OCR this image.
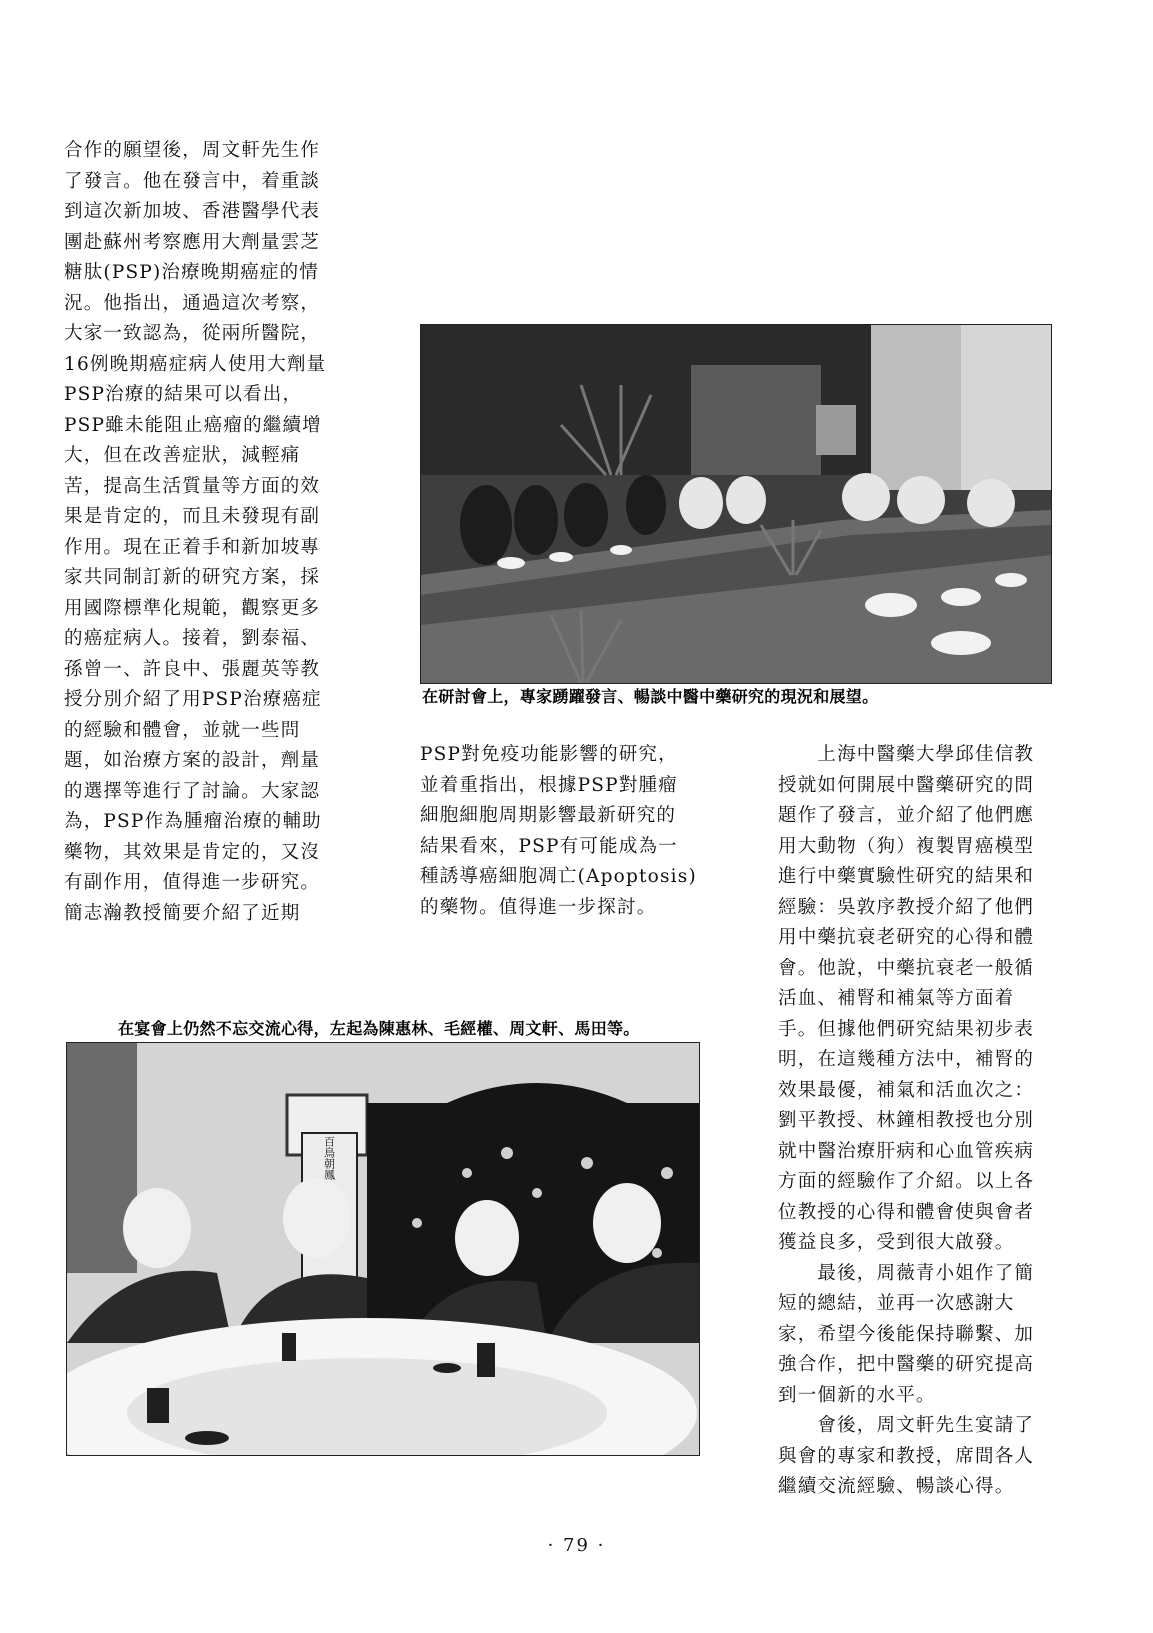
合作的願望後，周文軒先生作
了發言。他在發言中，着重談
到這次新加坡、香港醫學代表
團赴蘇州考察應用大劑量雲芝
糖肽(PSP)治療晚期癌症的情
況。他指出，通過這次考察，
大家一致認為，從兩所醫院，
16例晚期癌症病人使用大劑量
PSP治療的結果可以看出，
PSP雖未能阻止癌瘤的繼續增
大，但在改善症狀，減輕痛
苦，提高生活質量等方面的效
果是肯定的，而且未發現有副
作用。現在正着手和新加坡專
家共同制訂新的研究方案，採
用國際標準化規範，觀察更多
的癌症病人。接着，劉泰福、
孫曾一、許良中、張麗英等教
授分別介紹了用PSP治療癌症
的經驗和體會，並就一些問
題，如治療方案的設計，劑量
的選擇等進行了討論。大家認
為，PSP作為腫瘤治療的輔助
藥物，其效果是肯定的，又沒
有副作用，值得進一步研究。
簡志瀚教授簡要介紹了近期
在研討會上，專家踴躍發言、暢談中醫中藥研究的現況和展望。
PSP對免疫功能影響的研究，
並着重指出，根據PSP對腫瘤
細胞細胞周期影響最新研究的
結果看來，PSP有可能成為一
種誘導癌細胞凋亡(Apoptosis)
的藥物。值得進一步探討。
　　上海中醫藥大學邱佳信教
授就如何開展中醫藥研究的問
題作了發言，並介紹了他們應
用大動物（狗）複製胃癌模型
進行中藥實驗性研究的結果和
經驗：吳敦序教授介紹了他們
用中藥抗衰老研究的心得和體
會。他說，中藥抗衰老一般循
活血、補腎和補氣等方面着
手。但據他們研究結果初步表
明，在這幾種方法中，補腎的
效果最優，補氣和活血次之：
劉平教授、林鐘相教授也分別
就中醫治療肝病和心血管疾病
方面的經驗作了介紹。以上各
位教授的心得和體會使與會者
獲益良多，受到很大啟發。
　　最後，周薇青小姐作了簡
短的總結，並再一次感謝大
家，希望今後能保持聯繫、加
強合作，把中醫藥的研究提高
到一個新的水平。
　　會後，周文軒先生宴請了
與會的專家和教授，席間各人
繼續交流經驗、暢談心得。
在宴會上仍然不忘交流心得，左起為陳惠林、毛經權、周文軒、馬田等。
百鳥朝鳳
· 79 ·
